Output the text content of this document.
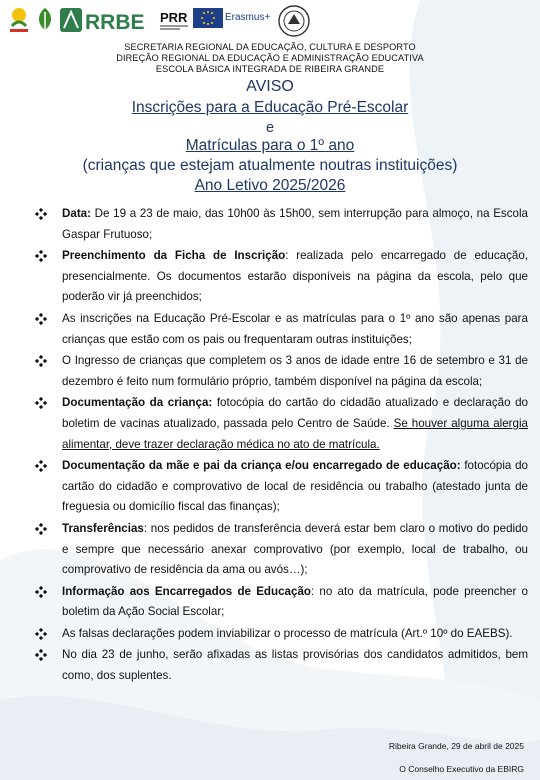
RRBE PRR	Erasmus+
SECRETARIA REGIONAL DA EDUCAÇÃO, CULTURA E DESPORTO
DIREÇÃO REGIONAL DA EDUCAÇÃO E ADMINISTRAÇÃO EDUCATIVA
ESCOLA BÁSICA INTEGRADA DE RIBEIRA GRANDE
AVISO
Inscrições para a Educação Pré-Escolar
e
Matrículas para o 1º ano
(crianças que estejam atualmente noutras instituições)
Ano Letivo 2025/2026
Data: De 19 a 23 de maio, das 10h00 às 15h00, sem interrupção para almoço, na Escola Gaspar Frutuoso;
Preenchimento da Ficha de Inscrição: realizada pelo encarregado de educação, presencialmente. Os documentos estarão disponíveis na página da escola, pelo que poderão vir já preenchidos;
As inscrições na Educação Pré-Escolar e as matrículas para o 1º ano são apenas para crianças que estão com os pais ou frequentaram outras instituições;
O Ingresso de crianças que completem os 3 anos de idade entre 16 de setembro e 31 de dezembro é feito num formulário próprio, também disponível na página da escola;
Documentação da criança: fotocópia do cartão do cidadão atualizado e declaração do boletim de vacinas atualizado, passada pelo Centro de Saúde. Se houver alguma alergia alimentar, deve trazer declaração médica no ato de matrícula.
Documentação da mãe e pai da criança e/ou encarregado de educação: fotocópia do cartão do cidadão e comprovativo de local de residência ou trabalho (atestado junta de freguesia ou domicílio fiscal das finanças);
Transferências: nos pedidos de transferência deverá estar bem claro o motivo do pedido e sempre que necessário anexar comprovativo (por exemplo, local de trabalho, ou comprovativo de residência da ama ou avós…);
Informação aos Encarregados de Educação: no ato da matrícula, pode preencher o boletim da Ação Social Escolar;
As falsas declarações podem inviabilizar o processo de matrícula (Art.º 10º do EAEBS).
No dia 23 de junho, serão afixadas as listas provisórias dos candidatos admitidos, bem como, dos suplentes.
Ribeira Grande, 29 de abril de 2025
O Conselho Executivo da EBIRG
